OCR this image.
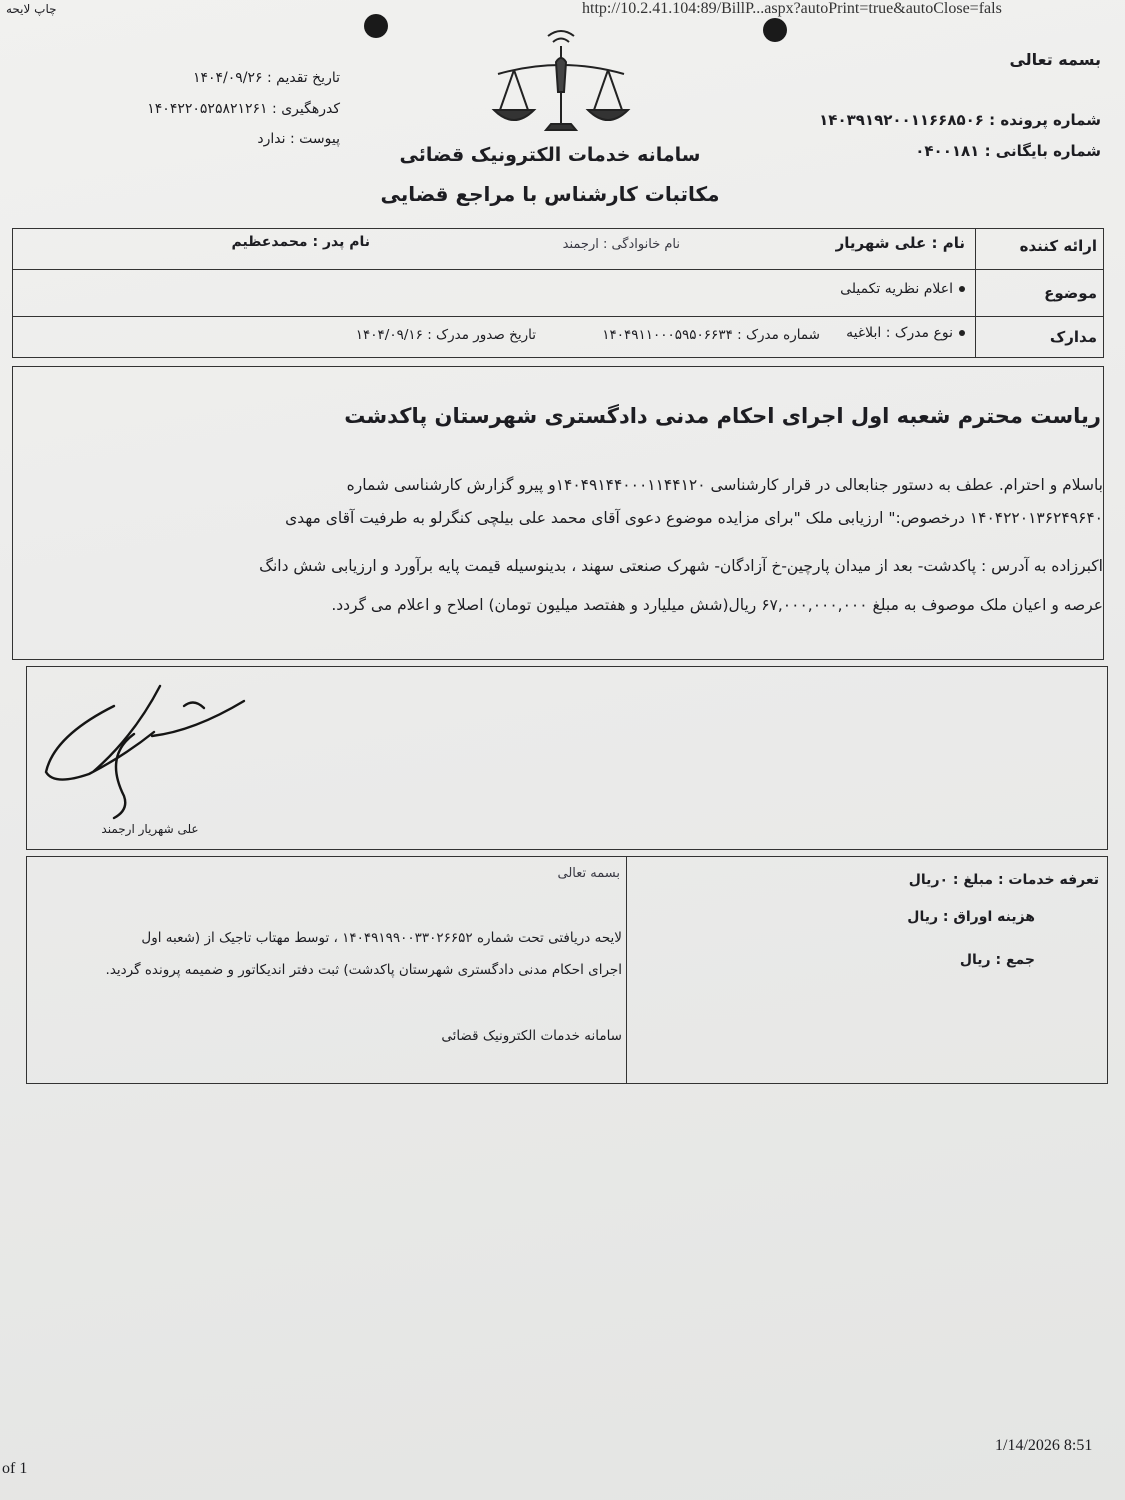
چاپ لایحه	http://10.2.41.104:89/BillP...aspx?autoPrint=true&autoClose=fals
بسمه تعالی
شماره پرونده : ۱۴۰۳۹۱۹۲۰۰۱۱۶۶۸۵۰۶
شماره بایگانی : ۰۴۰۰۱۸۱
تاریخ تقدیم : ۱۴۰۴/۰۹/۲۶
کدرهگیری : ۱۴۰۴۲۲۰۵۲۵۸۲۱۲۶۱
پیوست : ندارد
سامانه خدمات الکترونیک قضائی
مکاتبات کارشناس با مراجع قضایی
ارائه کننده
نام : علی شهریار
نام خانوادگی : ارجمند
نام پدر : محمدعظیم
موضوع
اعلام نظریه تکمیلی
مدارک
نوع مدرک : ابلاغیه
شماره مدرک : ۱۴۰۴۹۱۱۰۰۰۵۹۵۰۶۶۳۴
تاریخ صدور مدرک : ۱۴۰۴/۰۹/۱۶
ریاست محترم شعبه اول اجرای احکام مدنی دادگستری شهرستان پاکدشت
باسلام و احترام. عطف به دستور جنابعالی در قرار کارشناسی ۱۴۰۴۹۱۴۴۰۰۰۱۱۴۴۱۲۰و پیرو گزارش کارشناسی شماره
۱۴۰۴۲۲۰۱۳۶۲۴۹۶۴۰ درخصوص:" ارزیابی ملک "برای مزایده موضوع دعوی آقای محمد علی بیلچی کنگرلو به طرفیت آقای مهدی
اکبرزاده به آدرس : پاکدشت- بعد از میدان پارچین-خ آزادگان- شهرک صنعتی سهند ، بدینوسیله قیمت پایه برآورد و ارزیابی شش دانگ
عرصه و اعیان ملک موصوف به مبلغ ۶۷,۰۰۰,۰۰۰,۰۰۰ ریال(شش میلیارد و هفتصد میلیون تومان) اصلاح و اعلام می گردد.
علی شهریار ارجمند
بسمه تعالی
لایحه دریافتی تحت شماره ۱۴۰۴۹۱۹۹۰۰۳۳۰۲۶۶۵۲ ، توسط مهتاب تاجیک از (شعبه اول
اجرای احکام مدنی دادگستری شهرستان پاکدشت) ثبت دفتر اندیکاتور و ضمیمه پرونده گردید.
سامانه خدمات الکترونیک قضائی
تعرفه خدمات : مبلغ : ۰ریال
هزینه اوراق : ریال
جمع : ریال
of 1
1/14/2026 8:51
